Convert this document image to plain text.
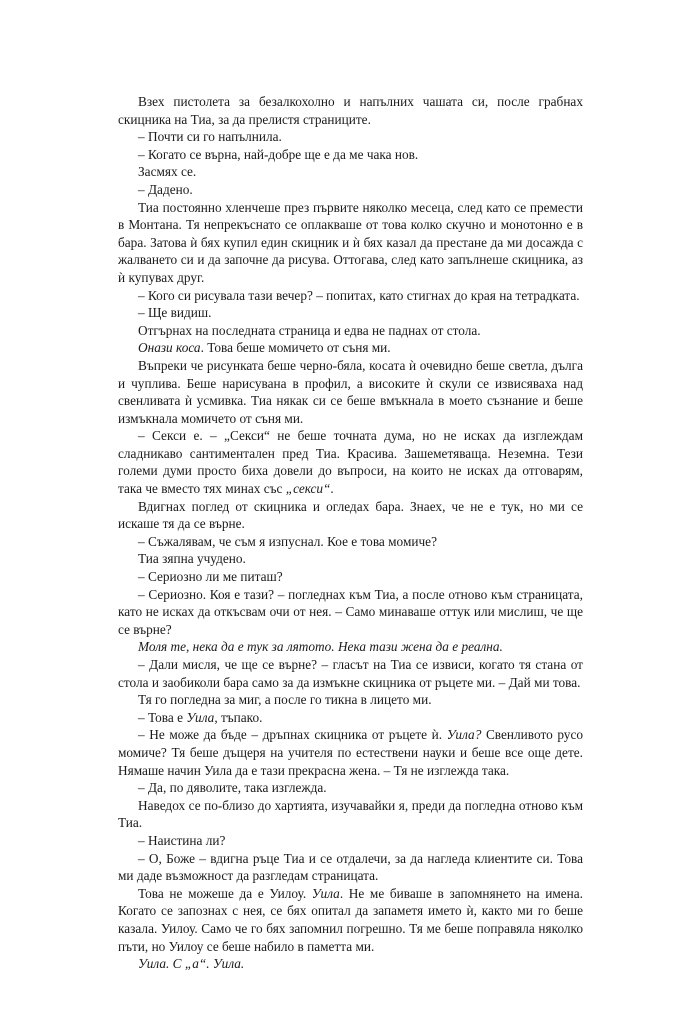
Взех пистолета за безалкохолно и напълних чашата си, после грабнах скицника на Тиа, за да прелистя страниците.

– Почти си го напълнила.

– Когато се върна, най-добре ще е да ме чака нов.

Засмях се.

– Дадено.

Тиа постоянно хленчеше през първите няколко месеца, след като се премести в Монтана. Тя непрекъснато се оплакваше от това колко скучно и монотонно е в бара. Затова ѝ бях купил един скицник и ѝ бях казал да престане да ми досажда с жалването си и да започне да рисува. Оттогава, след като запълнеше скицника, аз ѝ купувах друг.

– Кого си рисувала тази вечер? – попитах, като стигнах до края на тетрадката.

– Ще видиш.

Отгърнах на последната страница и едва не паднах от стола.

Онази коса. Това беше момичето от съня ми.

Въпреки че рисунката беше черно-бяла, косата ѝ очевидно беше светла, дълга и чуплива. Беше нарисувана в профил, а високите ѝ скули се извисяваха над свенливата ѝ усмивка. Тиа някак си се беше вмъкнала в моето съзнание и беше измъкнала момичето от съня ми.

– Секси е. – „Секси“ не беше точната дума, но не исках да изглеждам сладникаво сантиментален пред Тиа. Красива. Зашеметяваща. Неземна. Тези големи думи просто биха довели до въпроси, на които не исках да отговарям, така че вместо тях минах със „секси“.

Вдигнах поглед от скицника и огледах бара. Знаех, че не е тук, но ми се искаше тя да се върне.

– Съжалявам, че съм я изпуснал. Кое е това момиче?

Тиа зяпна учудено.

– Сериозно ли ме питаш?

– Сериозно. Коя е тази? – погледнах към Тиа, а после отново към страницата, като не исках да откъсвам очи от нея. – Само минаваше оттук или мислиш, че ще се върне?

Моля те, нека да е тук за лятото. Нека тази жена да е реална.

– Дали мисля, че ще се върне? – гласът на Тиа се извиси, когато тя стана от стола и заобиколи бара само за да измъкне скицника от ръцете ми. – Дай ми това.

Тя го погледна за миг, а после го тикна в лицето ми.

– Това е Уила, тъпако.

– Не може да бъде – дръпнах скицника от ръцете ѝ. Уила? Свенливото русо момиче? Тя беше дъщеря на учителя по естествени науки и беше все още дете. Нямаше начин Уила да е тази прекрасна жена. – Тя не изглежда така.

– Да, по дяволите, така изглежда.

Наведох се по-близо до хартията, изучавайки я, преди да погледна отново към Тиа.

– Наистина ли?

– О, Боже – вдигна ръце Тиа и се отдалечи, за да нагледа клиентите си. Това ми даде възможност да разгледам страницата.

Това не можеше да е Уилоу. Уила. Не ме биваше в запомнянето на имена. Когато се запознах с нея, се бях опитал да запаметя името ѝ, както ми го беше казала. Уилоу. Само че го бях запомнил погрешно. Тя ме беше поправяла няколко пъти, но Уилоу се беше набило в паметта ми.

Уила. С „а“. Уила.
